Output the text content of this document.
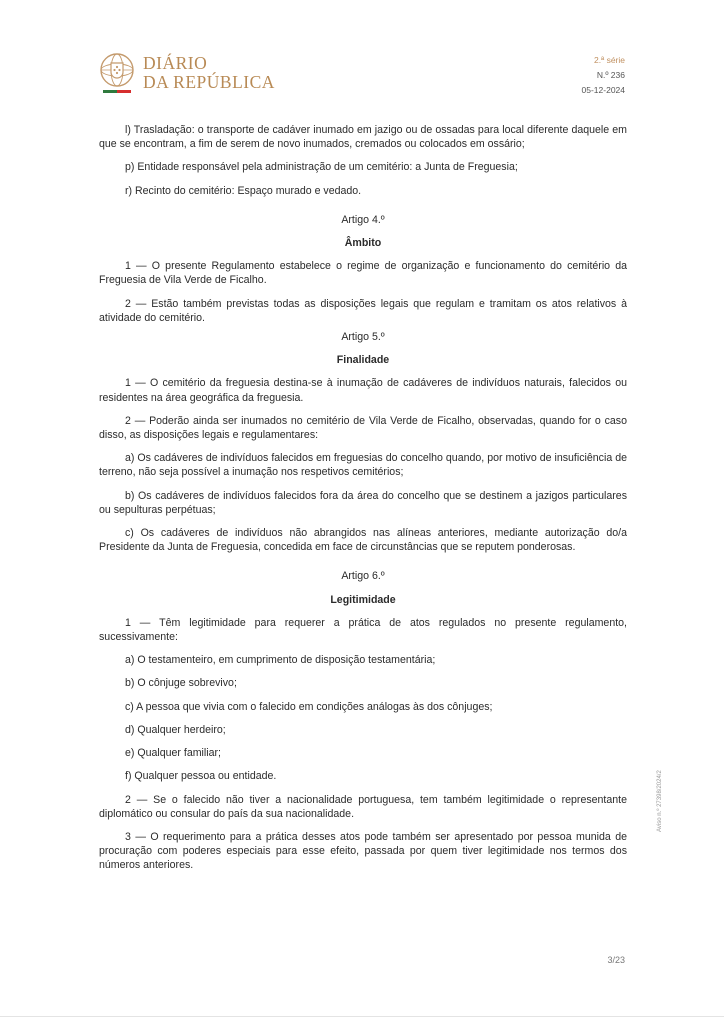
DIÁRIO
DA REPÚBLICA
2.ª série
N.º 236
05-12-2024

l) Trasladação: o transporte de cadáver inumado em jazigo ou de ossadas para local diferente daquele em que se encontram, a fim de serem de novo inumados, cremados ou colocados em ossário;

p) Entidade responsável pela administração de um cemitério: a Junta de Freguesia;

r) Recinto do cemitério: Espaço murado e vedado.

Artigo 4.º

Âmbito

1 — O presente Regulamento estabelece o regime de organização e funcionamento do cemitério da Freguesia de Vila Verde de Ficalho.

2 — Estão também previstas todas as disposições legais que regulam e tramitam os atos relativos à atividade do cemitério.

Artigo 5.º

Finalidade

1 — O cemitério da freguesia destina-se à inumação de cadáveres de indivíduos naturais, falecidos ou residentes na área geográfica da freguesia.

2 — Poderão ainda ser inumados no cemitério de Vila Verde de Ficalho, observadas, quando for o caso disso, as disposições legais e regulamentares:

a) Os cadáveres de indivíduos falecidos em freguesias do concelho quando, por motivo de insuficiência de terreno, não seja possível a inumação nos respetivos cemitérios;

b) Os cadáveres de indivíduos falecidos fora da área do concelho que se destinem a jazigos particulares ou sepulturas perpétuas;

c) Os cadáveres de indivíduos não abrangidos nas alíneas anteriores, mediante autorização do/a Presidente da Junta de Freguesia, concedida em face de circunstâncias que se reputem ponderosas.

Artigo 6.º

Legitimidade

1 — Têm legitimidade para requerer a prática de atos regulados no presente regulamento, sucessivamente:

a) O testamenteiro, em cumprimento de disposição testamentária;

b) O cônjuge sobrevivo;

c) A pessoa que vivia com o falecido em condições análogas às dos cônjuges;

d) Qualquer herdeiro;

e) Qualquer familiar;

f) Qualquer pessoa ou entidade.

2 — Se o falecido não tiver a nacionalidade portuguesa, tem também legitimidade o representante diplomático ou consular do país da sua nacionalidade.

3 — O requerimento para a prática desses atos pode também ser apresentado por pessoa munida de procuração com poderes especiais para esse efeito, passada por quem tiver legitimidade nos termos dos números anteriores.

Aviso n.º 27398/2024/2
3/23
